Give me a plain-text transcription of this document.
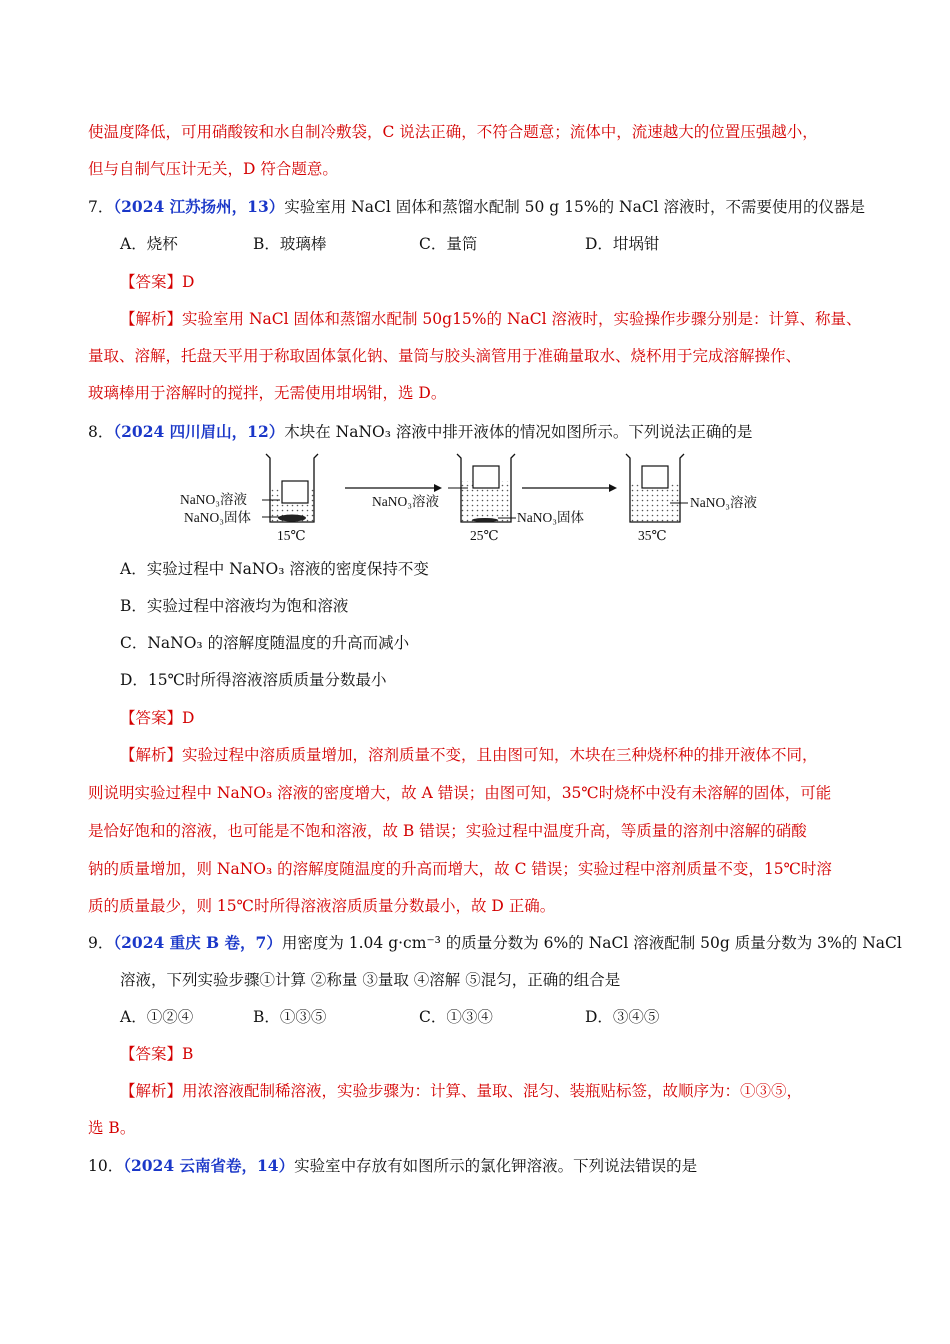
使温度降低，可用硝酸铵和水自制冷敷袋，C 说法正确，不符合题意；流体中，流速越大的位置压强越小，
但与自制气压计无关，D 符合题意。
7．（2024 江苏扬州，13）实验室用 NaCl 固体和蒸馏水配制 50 g 15%的 NaCl 溶液时，不需要使用的仪器是
A．烧杯	B．玻璃棒	C．量筒	D．坩埚钳
【答案】D
【解析】实验室用 NaCl 固体和蒸馏水配制 50g15%的 NaCl 溶液时，实验操作步骤分别是：计算、称量、
量取、溶解，托盘天平用于称取固体氯化钠、量筒与胶头滴管用于准确量取水、烧杯用于完成溶解操作、
玻璃棒用于溶解时的搅拌，无需使用坩埚钳，选 D。
8．（2024 四川眉山，12）木块在 NaNO₃ 溶液中排开液体的情况如图所示。下列说法正确的是
NaNO₃溶液
NaNO₃固体
15℃
NaNO₃溶液
NaNO₃固体
25℃
NaNO₃溶液
35℃
A．实验过程中 NaNO₃ 溶液的密度保持不变
B．实验过程中溶液均为饱和溶液
C．NaNO₃ 的溶解度随温度的升高而减小
D．15℃时所得溶液溶质质量分数最小
【答案】D
【解析】实验过程中溶质质量增加，溶剂质量不变，且由图可知，木块在三种烧杯种的排开液体不同，
则说明实验过程中 NaNO₃ 溶液的密度增大，故 A 错误；由图可知，35℃时烧杯中没有未溶解的固体，可能
是恰好饱和的溶液，也可能是不饱和溶液，故 B 错误；实验过程中温度升高，等质量的溶剂中溶解的硝酸
钠的质量增加，则 NaNO₃ 的溶解度随温度的升高而增大，故 C 错误；实验过程中溶剂质量不变，15℃时溶
质的质量最少，则 15℃时所得溶液溶质质量分数最小，故 D 正确。
9．（2024 重庆 B 卷，7）用密度为 1.04 g·cm⁻³ 的质量分数为 6%的 NaCl 溶液配制 50g 质量分数为 3%的 NaCl
溶液，下列实验步骤①计算 ②称量 ③量取 ④溶解 ⑤混匀，正确的组合是
A．①②④	B．①③⑤	C．①③④	D．③④⑤
【答案】B
【解析】用浓溶液配制稀溶液，实验步骤为：计算、量取、混匀、装瓶贴标签，故顺序为：①③⑤，
选 B。
10．（2024 云南省卷，14）实验室中存放有如图所示的氯化钾溶液。下列说法错误的是
